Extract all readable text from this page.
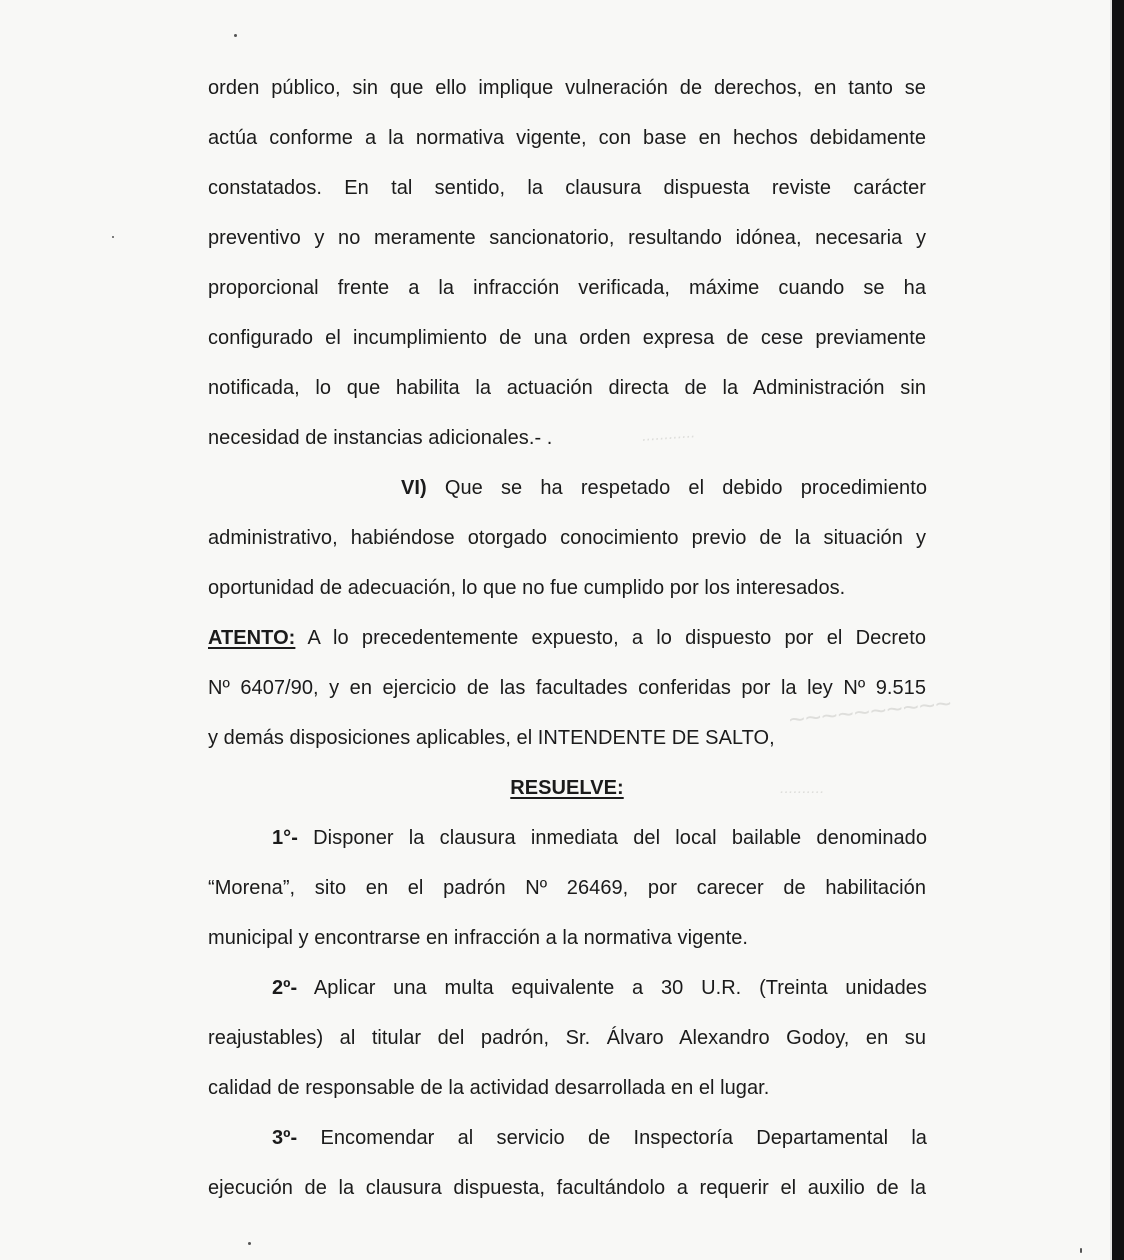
............
~~~~~~~~~~
..........
orden público, sin que ello implique vulneración de derechos, en tanto se
actúa conforme a la normativa vigente, con base en hechos debidamente
constatados. En tal sentido, la clausura dispuesta reviste carácter
preventivo y no meramente sancionatorio, resultando idónea, necesaria y
proporcional frente a la infracción verificada, máxime cuando se ha
configurado el incumplimiento de una orden expresa de cese previamente
notificada, lo que habilita la actuación directa de la Administración sin
necesidad de instancias adicionales.- .
VI) Que se ha respetado el debido procedimiento
administrativo, habiéndose otorgado conocimiento previo de la situación y
oportunidad de adecuación, lo que no fue cumplido por los interesados.
ATENTO: A lo precedentemente expuesto, a lo dispuesto por el Decreto
Nº 6407/90, y en ejercicio de las facultades conferidas por la ley Nº 9.515
y demás disposiciones aplicables, el INTENDENTE DE SALTO,
RESUELVE:
1°- Disponer la clausura inmediata del local bailable denominado
“Morena”, sito en el padrón Nº 26469, por carecer de habilitación
municipal y encontrarse en infracción a la normativa vigente.
2º- Aplicar una multa equivalente a 30 U.R. (Treinta unidades
reajustables) al titular del padrón, Sr. Álvaro Alexandro Godoy, en su
calidad de responsable de la actividad desarrollada en el lugar.
3º- Encomendar al servicio de Inspectoría Departamental la
ejecución de la clausura dispuesta, facultándolo a requerir el auxilio de la
